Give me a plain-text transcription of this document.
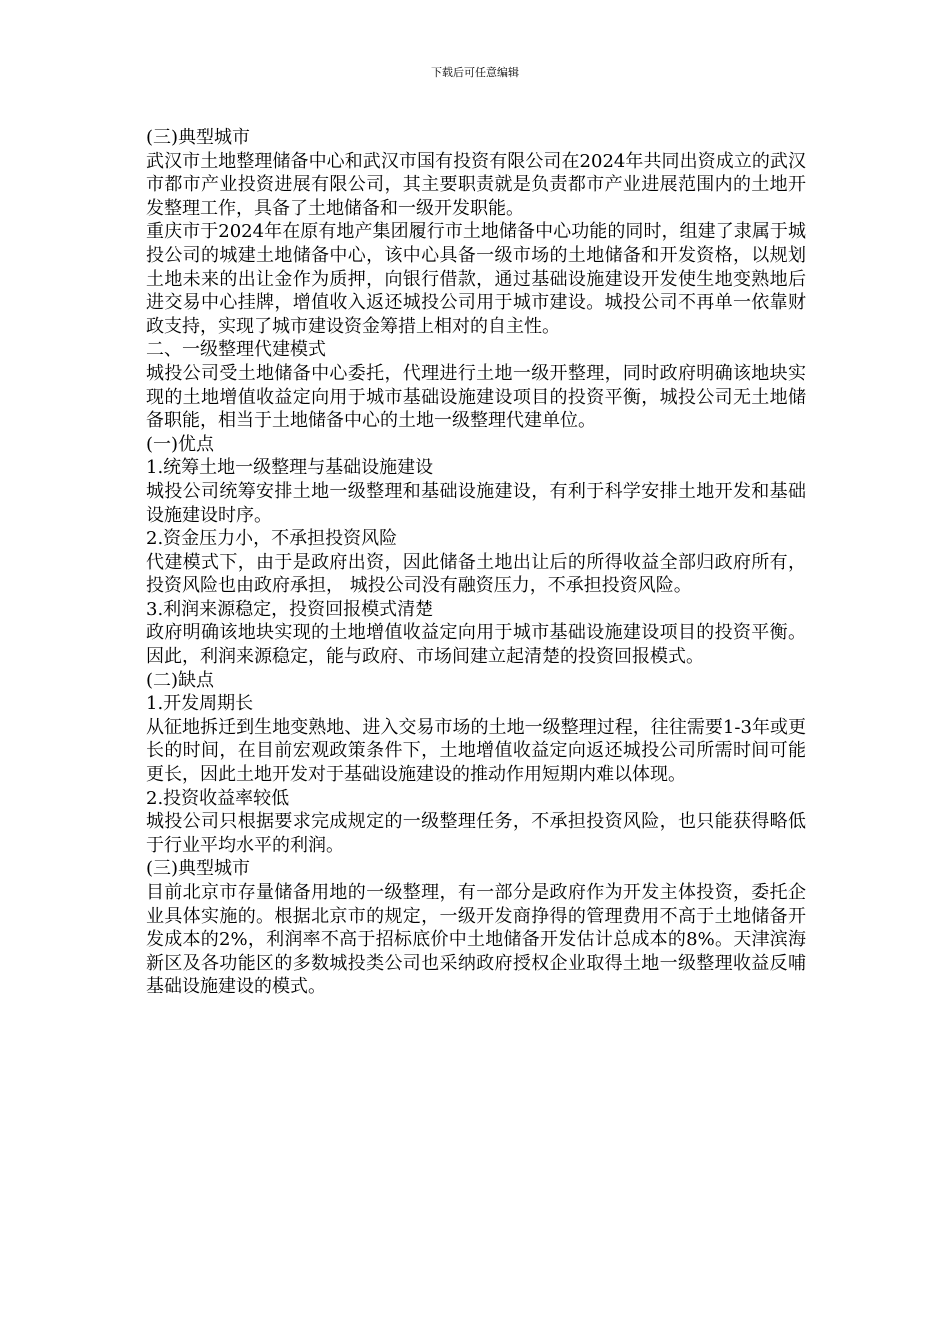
下载后可任意编辑

(三)典型城市

武汉市土地整理储备中心和武汉市国有投资有限公司在2024年共同出资成立的武汉市都市产业投资进展有限公司，其主要职责就是负责都市产业进展范围内的土地开发整理工作，具备了土地储备和一级开发职能。

重庆市于2024年在原有地产集团履行市土地储备中心功能的同时，组建了隶属于城投公司的城建土地储备中心，该中心具备一级市场的土地储备和开发资格，以规划土地未来的出让金作为质押，向银行借款，通过基础设施建设开发使生地变熟地后进交易中心挂牌，增值收入返还城投公司用于城市建设。城投公司不再单一依靠财政支持，实现了城市建设资金筹措上相对的自主性。

二、一级整理代建模式

城投公司受土地储备中心委托，代理进行土地一级开整理，同时政府明确该地块实现的土地增值收益定向用于城市基础设施建设项目的投资平衡，城投公司无土地储备职能，相当于土地储备中心的土地一级整理代建单位。

(一)优点

1.统筹土地一级整理与基础设施建设

城投公司统筹安排土地一级整理和基础设施建设，有利于科学安排土地开发和基础设施建设时序。

2.资金压力小，不承担投资风险

代建模式下，由于是政府出资，因此储备土地出让后的所得收益全部归政府所有，投资风险也由政府承担， 城投公司没有融资压力，不承担投资风险。

3.利润来源稳定，投资回报模式清楚

政府明确该地块实现的土地增值收益定向用于城市基础设施建设项目的投资平衡。因此，利润来源稳定，能与政府、市场间建立起清楚的投资回报模式。

(二)缺点

1.开发周期长

从征地拆迁到生地变熟地、进入交易市场的土地一级整理过程，往往需要1-3年或更长的时间，在目前宏观政策条件下，土地增值收益定向返还城投公司所需时间可能更长，因此土地开发对于基础设施建设的推动作用短期内难以体现。

2.投资收益率较低

城投公司只根据要求完成规定的一级整理任务，不承担投资风险，也只能获得略低于行业平均水平的利润。

(三)典型城市

目前北京市存量储备用地的一级整理，有一部分是政府作为开发主体投资，委托企业具体实施的。根据北京市的规定，一级开发商挣得的管理费用不高于土地储备开发成本的2%，利润率不高于招标底价中土地储备开发估计总成本的8%。天津滨海新区及各功能区的多数城投类公司也采纳政府授权企业取得土地一级整理收益反哺基础设施建设的模式。
